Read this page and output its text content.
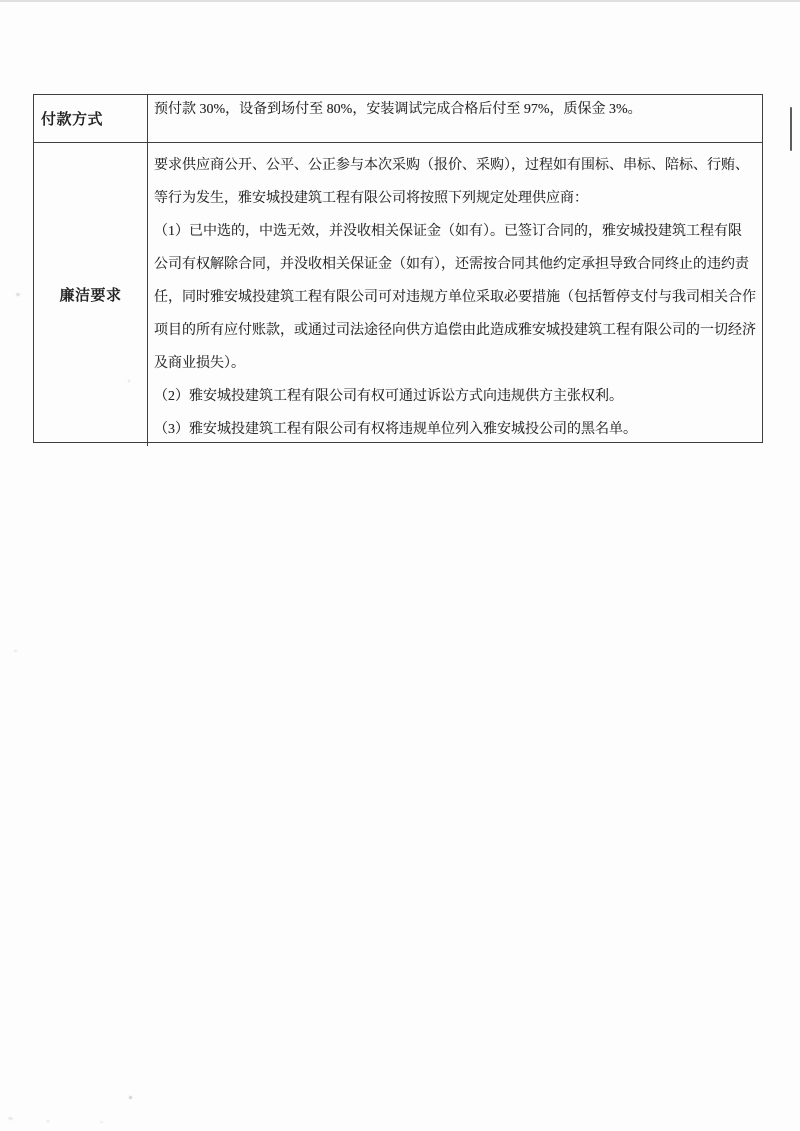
付款方式
预付款 30%，设备到场付至 80%，安装调试完成合格后付至 97%，质保金 3%。
廉洁要求
要求供应商公开、公平、公正参与本次采购（报价、采购），过程如有围标、串标、陪标、行贿、
等行为发生，雅安城投建筑工程有限公司将按照下列规定处理供应商：
（1）已中选的，中选无效，并没收相关保证金（如有）。已签订合同的，雅安城投建筑工程有限
公司有权解除合同，并没收相关保证金（如有），还需按合同其他约定承担导致合同终止的违约责
任，同时雅安城投建筑工程有限公司可对违规方单位采取必要措施（包括暂停支付与我司相关合作
项目的所有应付账款，或通过司法途径向供方追偿由此造成雅安城投建筑工程有限公司的一切经济
及商业损失）。
（2）雅安城投建筑工程有限公司有权可通过诉讼方式向违规供方主张权利。
（3）雅安城投建筑工程有限公司有权将违规单位列入雅安城投公司的黑名单。
